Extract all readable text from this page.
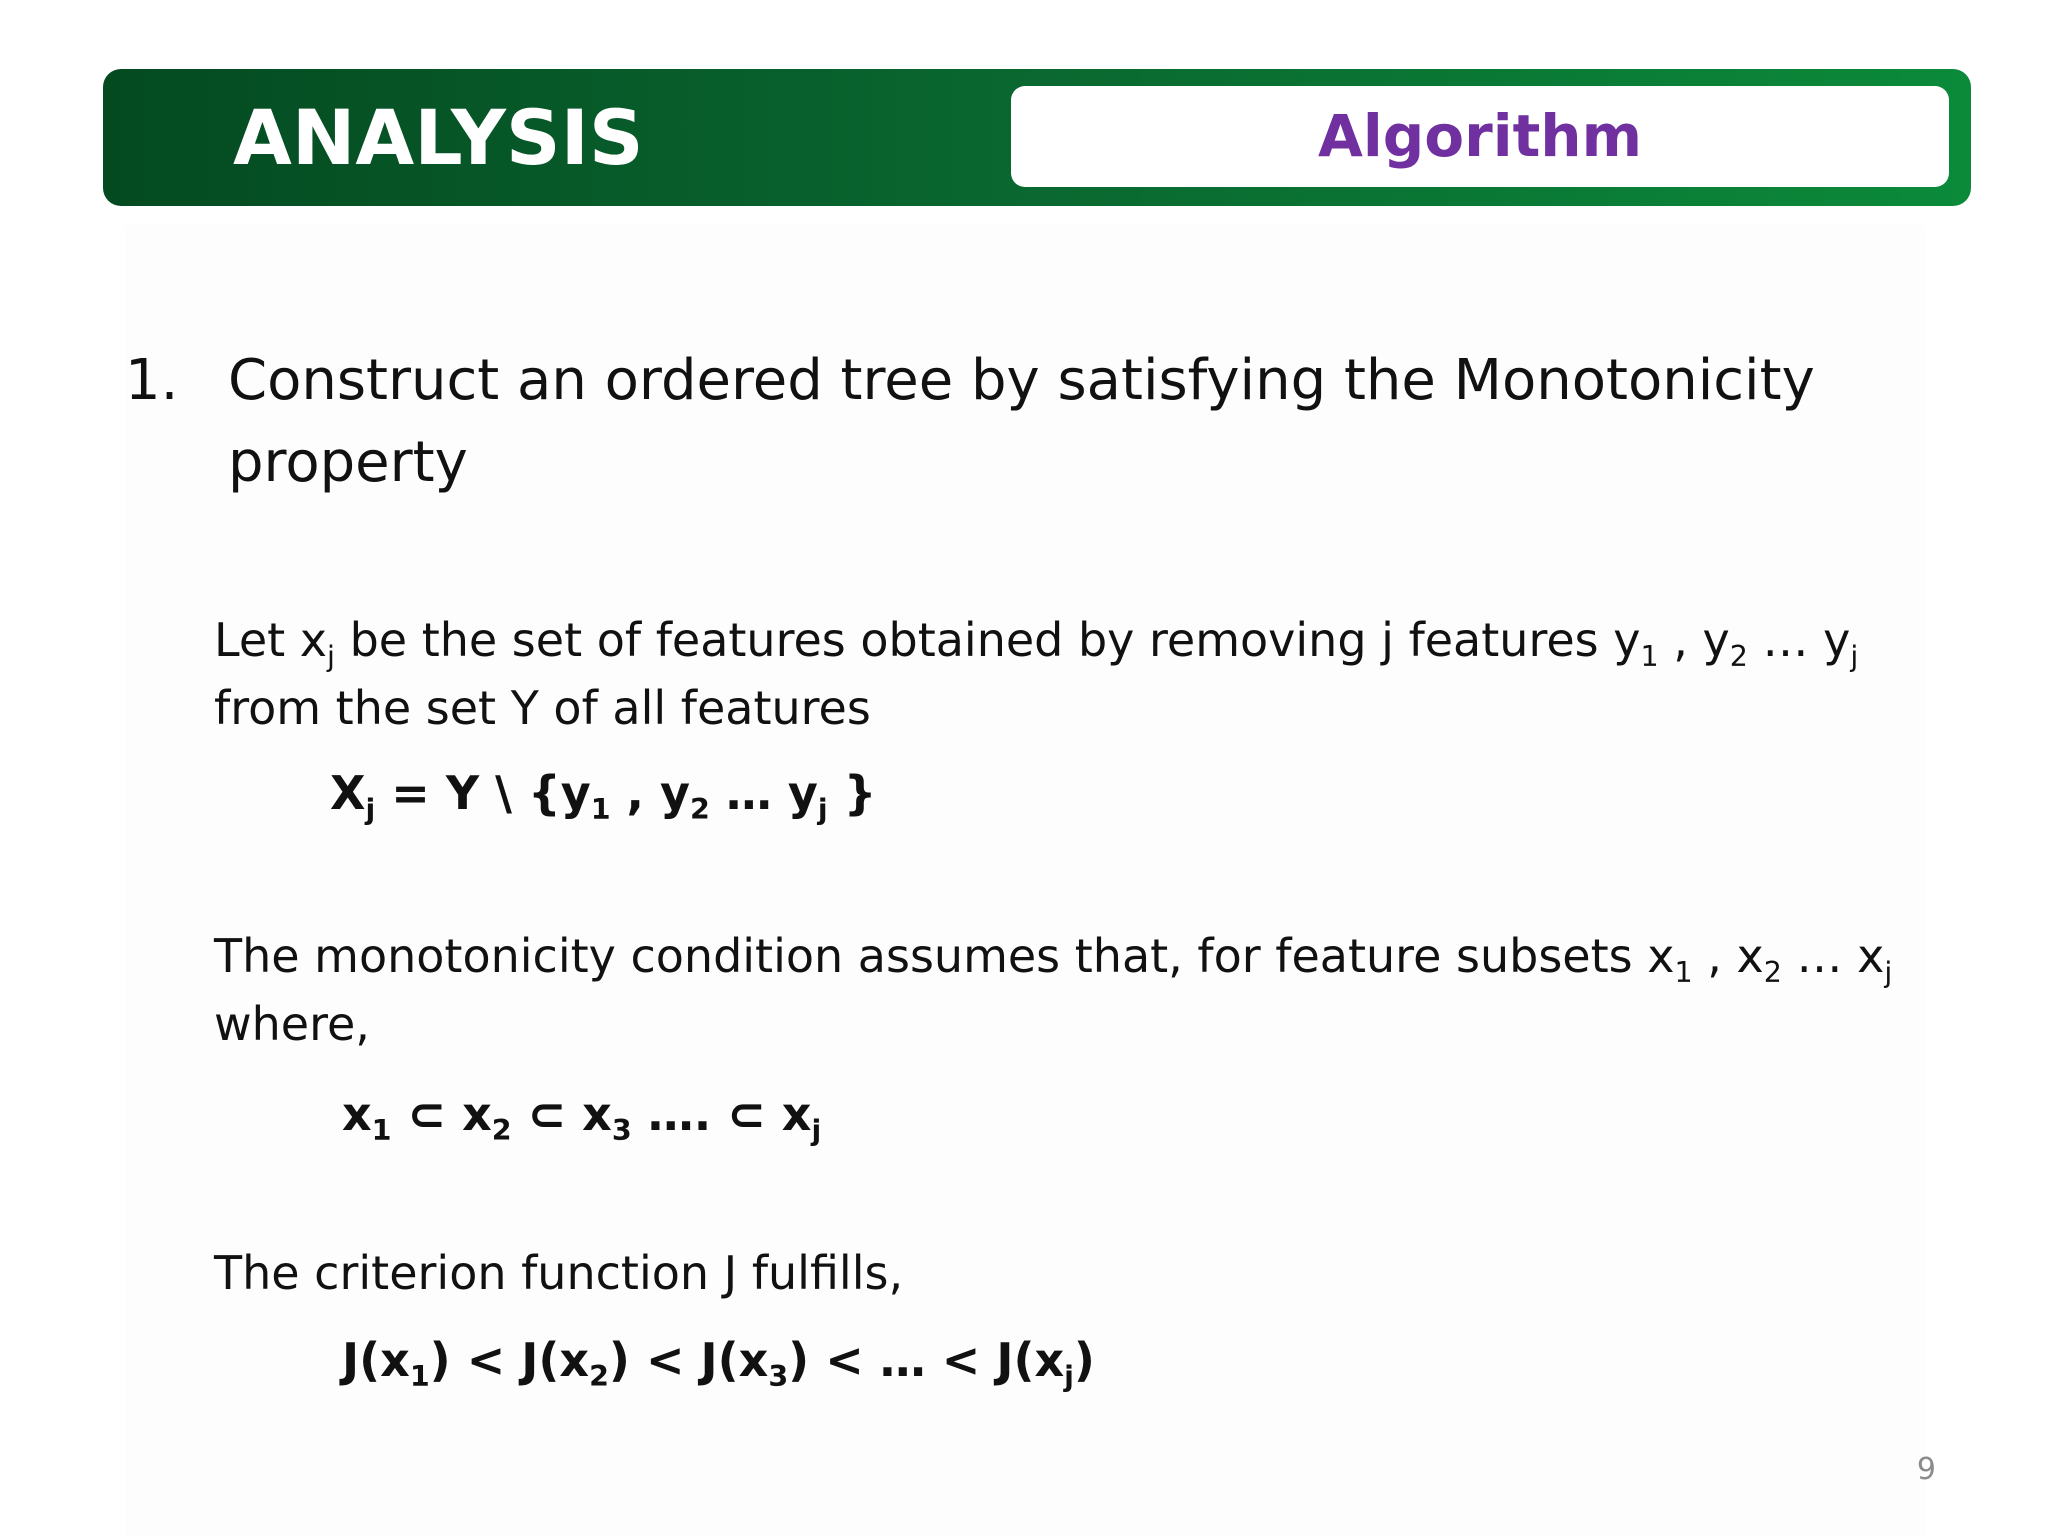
ANALYSIS	Algorithm
1. Construct an ordered tree by satisfying the Monotonicity property
Let $x_j$ be the set of features obtained by removing j features $y_1$ , $y_2$ … $y_j$ from the set Y of all features
$X_j = Y$ \ {$y_1$ , $y_2$ … $y_j$ }
The monotonicity condition assumes that, for feature subsets $x_1$ , $x_2$ … $x_j$ where,
$x_1$ ⊂ $x_2$ ⊂ $x_3$ …. ⊂ $x_j$
The criterion function J fulfills,
$J(x_1) < J(x_2) < J(x_3)$ < … < $J(x_j)$
9
